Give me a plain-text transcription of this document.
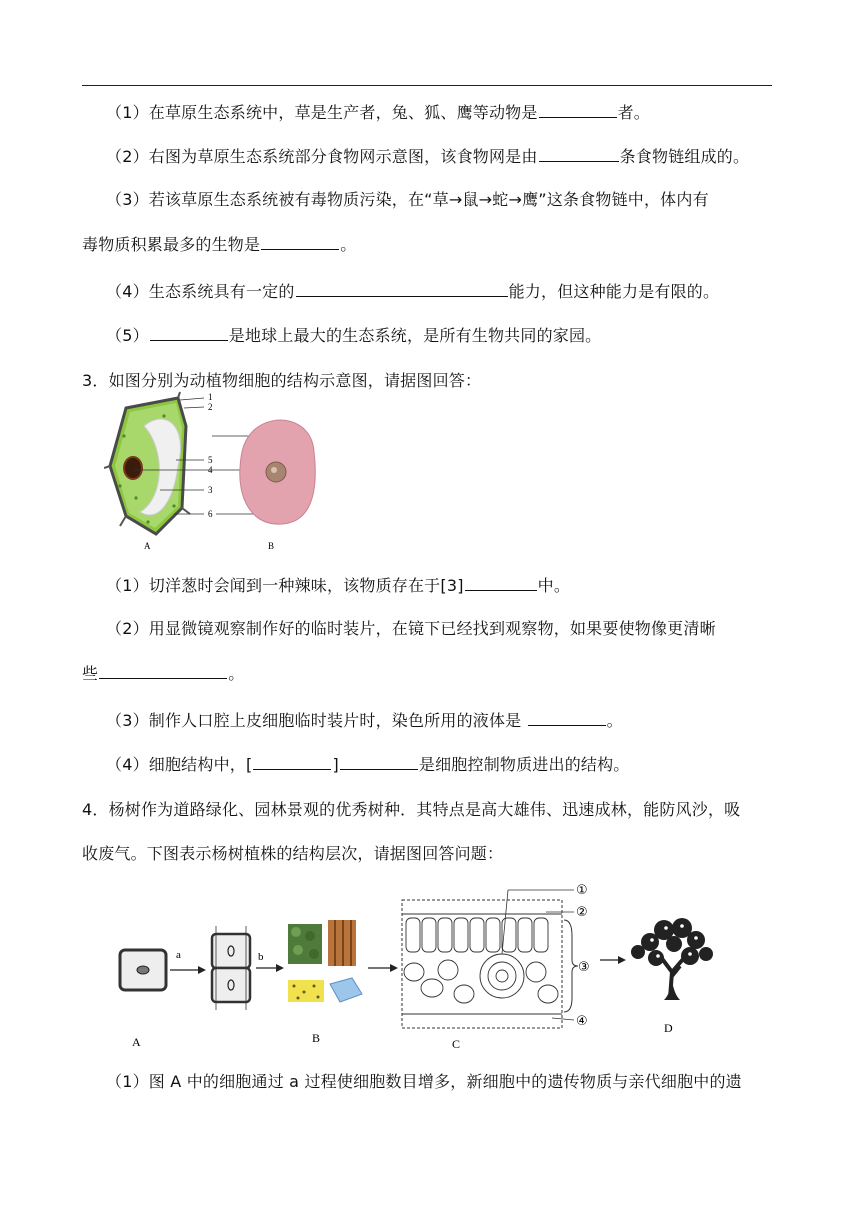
（1）在草原生态系统中，草是生产者，兔、狐、鹰等动物是	者。
（2）右图为草原生态系统部分食物网示意图，该食物网是由	条食物链组成的。
（3）若该草原生态系统被有毒物质污染，在“草→鼠→蛇→鹰”这条食物链中，体内有
毒物质积累最多的生物是	。
（4）生态系统具有一定的	能力，但这种能力是有限的。
（5）	是地球上最大的生态系统，是所有生物共同的家园。
3．如图分别为动植物细胞的结构示意图，请据图回答：
1
2
5
4
3
6
A	B
（1）切洋葱时会闻到一种辣味，该物质存在于[3]	中。
（2）用显微镜观察制作好的临时装片，在镜下已经找到观察物，如果要使物像更清晰
些	。
（3）制作人口腔上皮细胞临时装片时，染色所用的液体是	。
（4）细胞结构中，[	]	是细胞控制物质进出的结构。
4．杨树作为道路绿化、园林景观的优秀树种．其特点是高大雄伟、迅速成林，能防风沙，吸
收废气。下图表示杨树植株的结构层次，请据图回答问题：
A
a	b
B
①
②
③
④
C
D
（1）图 A 中的细胞通过 a 过程使细胞数目增多，新细胞中的遗传物质与亲代细胞中的遗
